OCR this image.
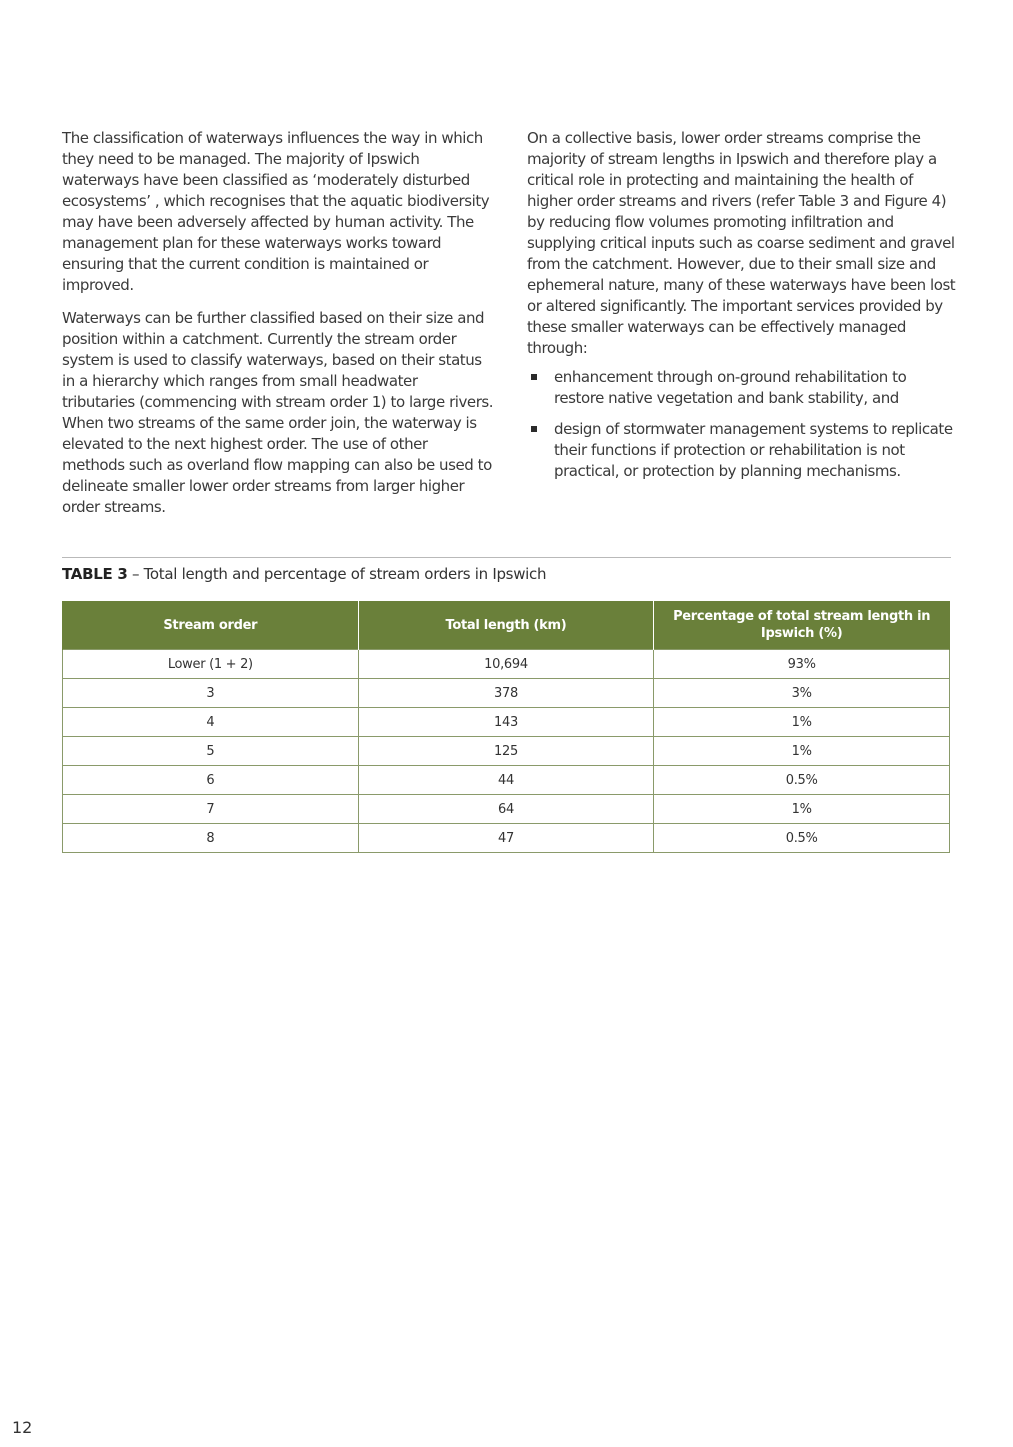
The classification of waterways influences the way in which they need to be managed. The majority of Ipswich waterways have been classified as ‘moderately disturbed ecosystems’ , which recognises that the aquatic biodiversity may have been adversely affected by human activity. The management plan for these waterways works toward ensuring that the current condition is maintained or improved.

Waterways can be further classified based on their size and position within a catchment. Currently the stream order system is used to classify waterways, based on their status in a hierarchy which ranges from small headwater tributaries (commencing with stream order 1) to large rivers. When two streams of the same order join, the waterway is elevated to the next highest order. The use of other methods such as overland flow mapping can also be used to delineate smaller lower order streams from larger higher order streams.

On a collective basis, lower order streams comprise the majority of stream lengths in Ipswich and therefore play a critical role in protecting and maintaining the health of higher order streams and rivers (refer Table 3 and Figure 4) by reducing flow volumes promoting infiltration and supplying critical inputs such as coarse sediment and gravel from the catchment. However, due to their small size and ephemeral nature, many of these waterways have been lost or altered significantly. The important services provided by these smaller waterways can be effectively managed through:

enhancement through on-ground rehabilitation to restore native vegetation and bank stability, and
design of stormwater management systems to replicate their functions if protection or rehabilitation is not practical, or protection by planning mechanisms.
TABLE 3 – Total length and percentage of stream orders in Ipswich
Stream order	Total length (km)	Percentage of total stream length in Ipswich (%)
Lower (1 + 2)	10,694	93%
3	378	3%
4	143	1%
5	125	1%
6	44	0.5%
7	64	1%
8	47	0.5%
12
